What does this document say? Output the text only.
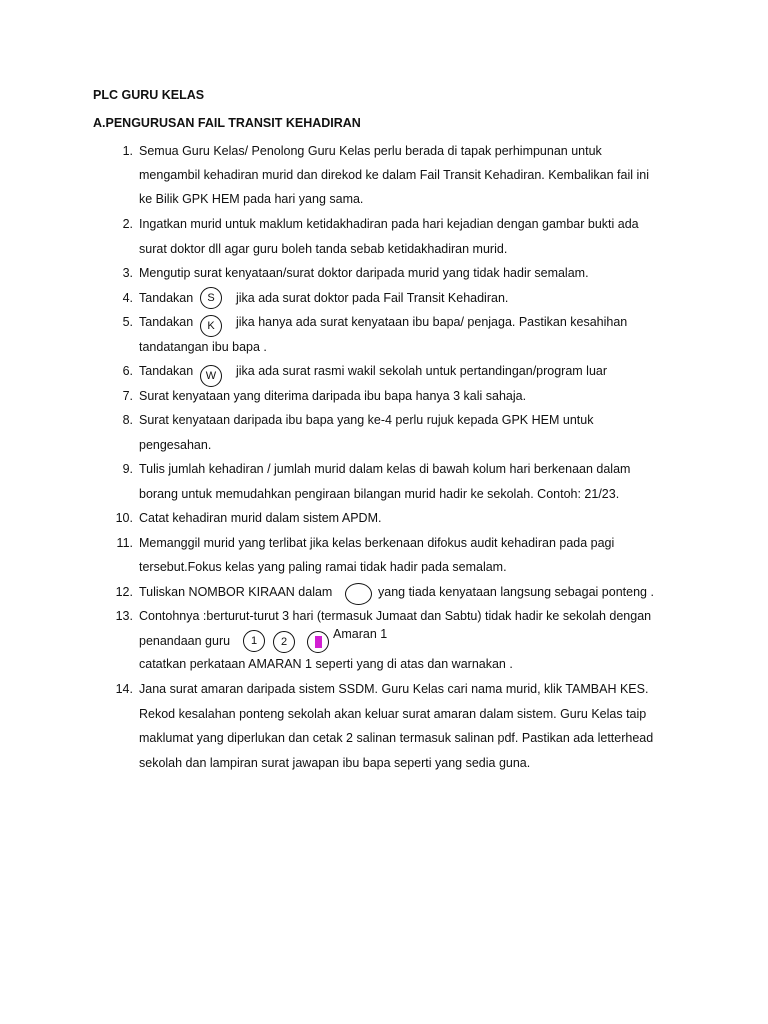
PLC GURU KELAS
A.PENGURUSAN FAIL TRANSIT KEHADIRAN
1. Semua Guru Kelas/ Penolong Guru Kelas perlu berada di tapak perhimpunan untuk
mengambil kehadiran murid dan direkod ke dalam Fail Transit Kehadiran. Kembalikan fail ini
ke Bilik GPK HEM pada hari yang sama.
2. Ingatkan murid untuk maklum ketidakhadiran pada hari kejadian dengan gambar bukti ada
surat doktor dll agar guru boleh tanda sebab ketidakhadiran murid.
3. Mengutip surat kenyataan/surat doktor daripada murid yang tidak hadir semalam.
4. Tandakan	S	jika ada surat doktor pada Fail Transit Kehadiran.
5. Tandakan	K	jika hanya ada surat kenyataan ibu bapa/ penjaga. Pastikan kesahihan
tandatangan ibu bapa .
6. Tandakan	W	jika ada surat rasmi wakil sekolah untuk pertandingan/program luar
7. Surat kenyataan yang diterima daripada ibu bapa hanya 3 kali sahaja.
8. Surat kenyataan daripada ibu bapa yang ke-4 perlu rujuk kepada GPK HEM untuk
pengesahan.
9. Tulis jumlah kehadiran / jumlah murid dalam kelas di bawah kolum hari berkenaan dalam
borang untuk memudahkan pengiraan bilangan murid hadir ke sekolah. Contoh: 21/23.
10. Catat kehadiran murid dalam sistem APDM.
11. Memanggil murid yang terlibat jika kelas berkenaan difokus audit kehadiran pada pagi
tersebut.Fokus kelas yang paling ramai tidak hadir pada semalam.
12. Tuliskan NOMBOR KIRAAN dalam	yang tiada kenyataan langsung sebagai ponteng .
13. Contohnya :berturut-turut 3 hari (termasuk Jumaat dan Sabtu) tidak hadir ke sekolah dengan
penandaan guru	1	2	3
Amaran 1
catatkan perkataan AMARAN 1 seperti yang di atas dan warnakan .
14. Jana surat amaran daripada sistem SSDM. Guru Kelas cari nama murid, klik TAMBAH KES.
Rekod kesalahan ponteng sekolah akan keluar surat amaran dalam sistem. Guru Kelas taip
maklumat yang diperlukan dan cetak 2 salinan termasuk salinan pdf. Pastikan ada letterhead
sekolah dan lampiran surat jawapan ibu bapa seperti yang sedia guna.
